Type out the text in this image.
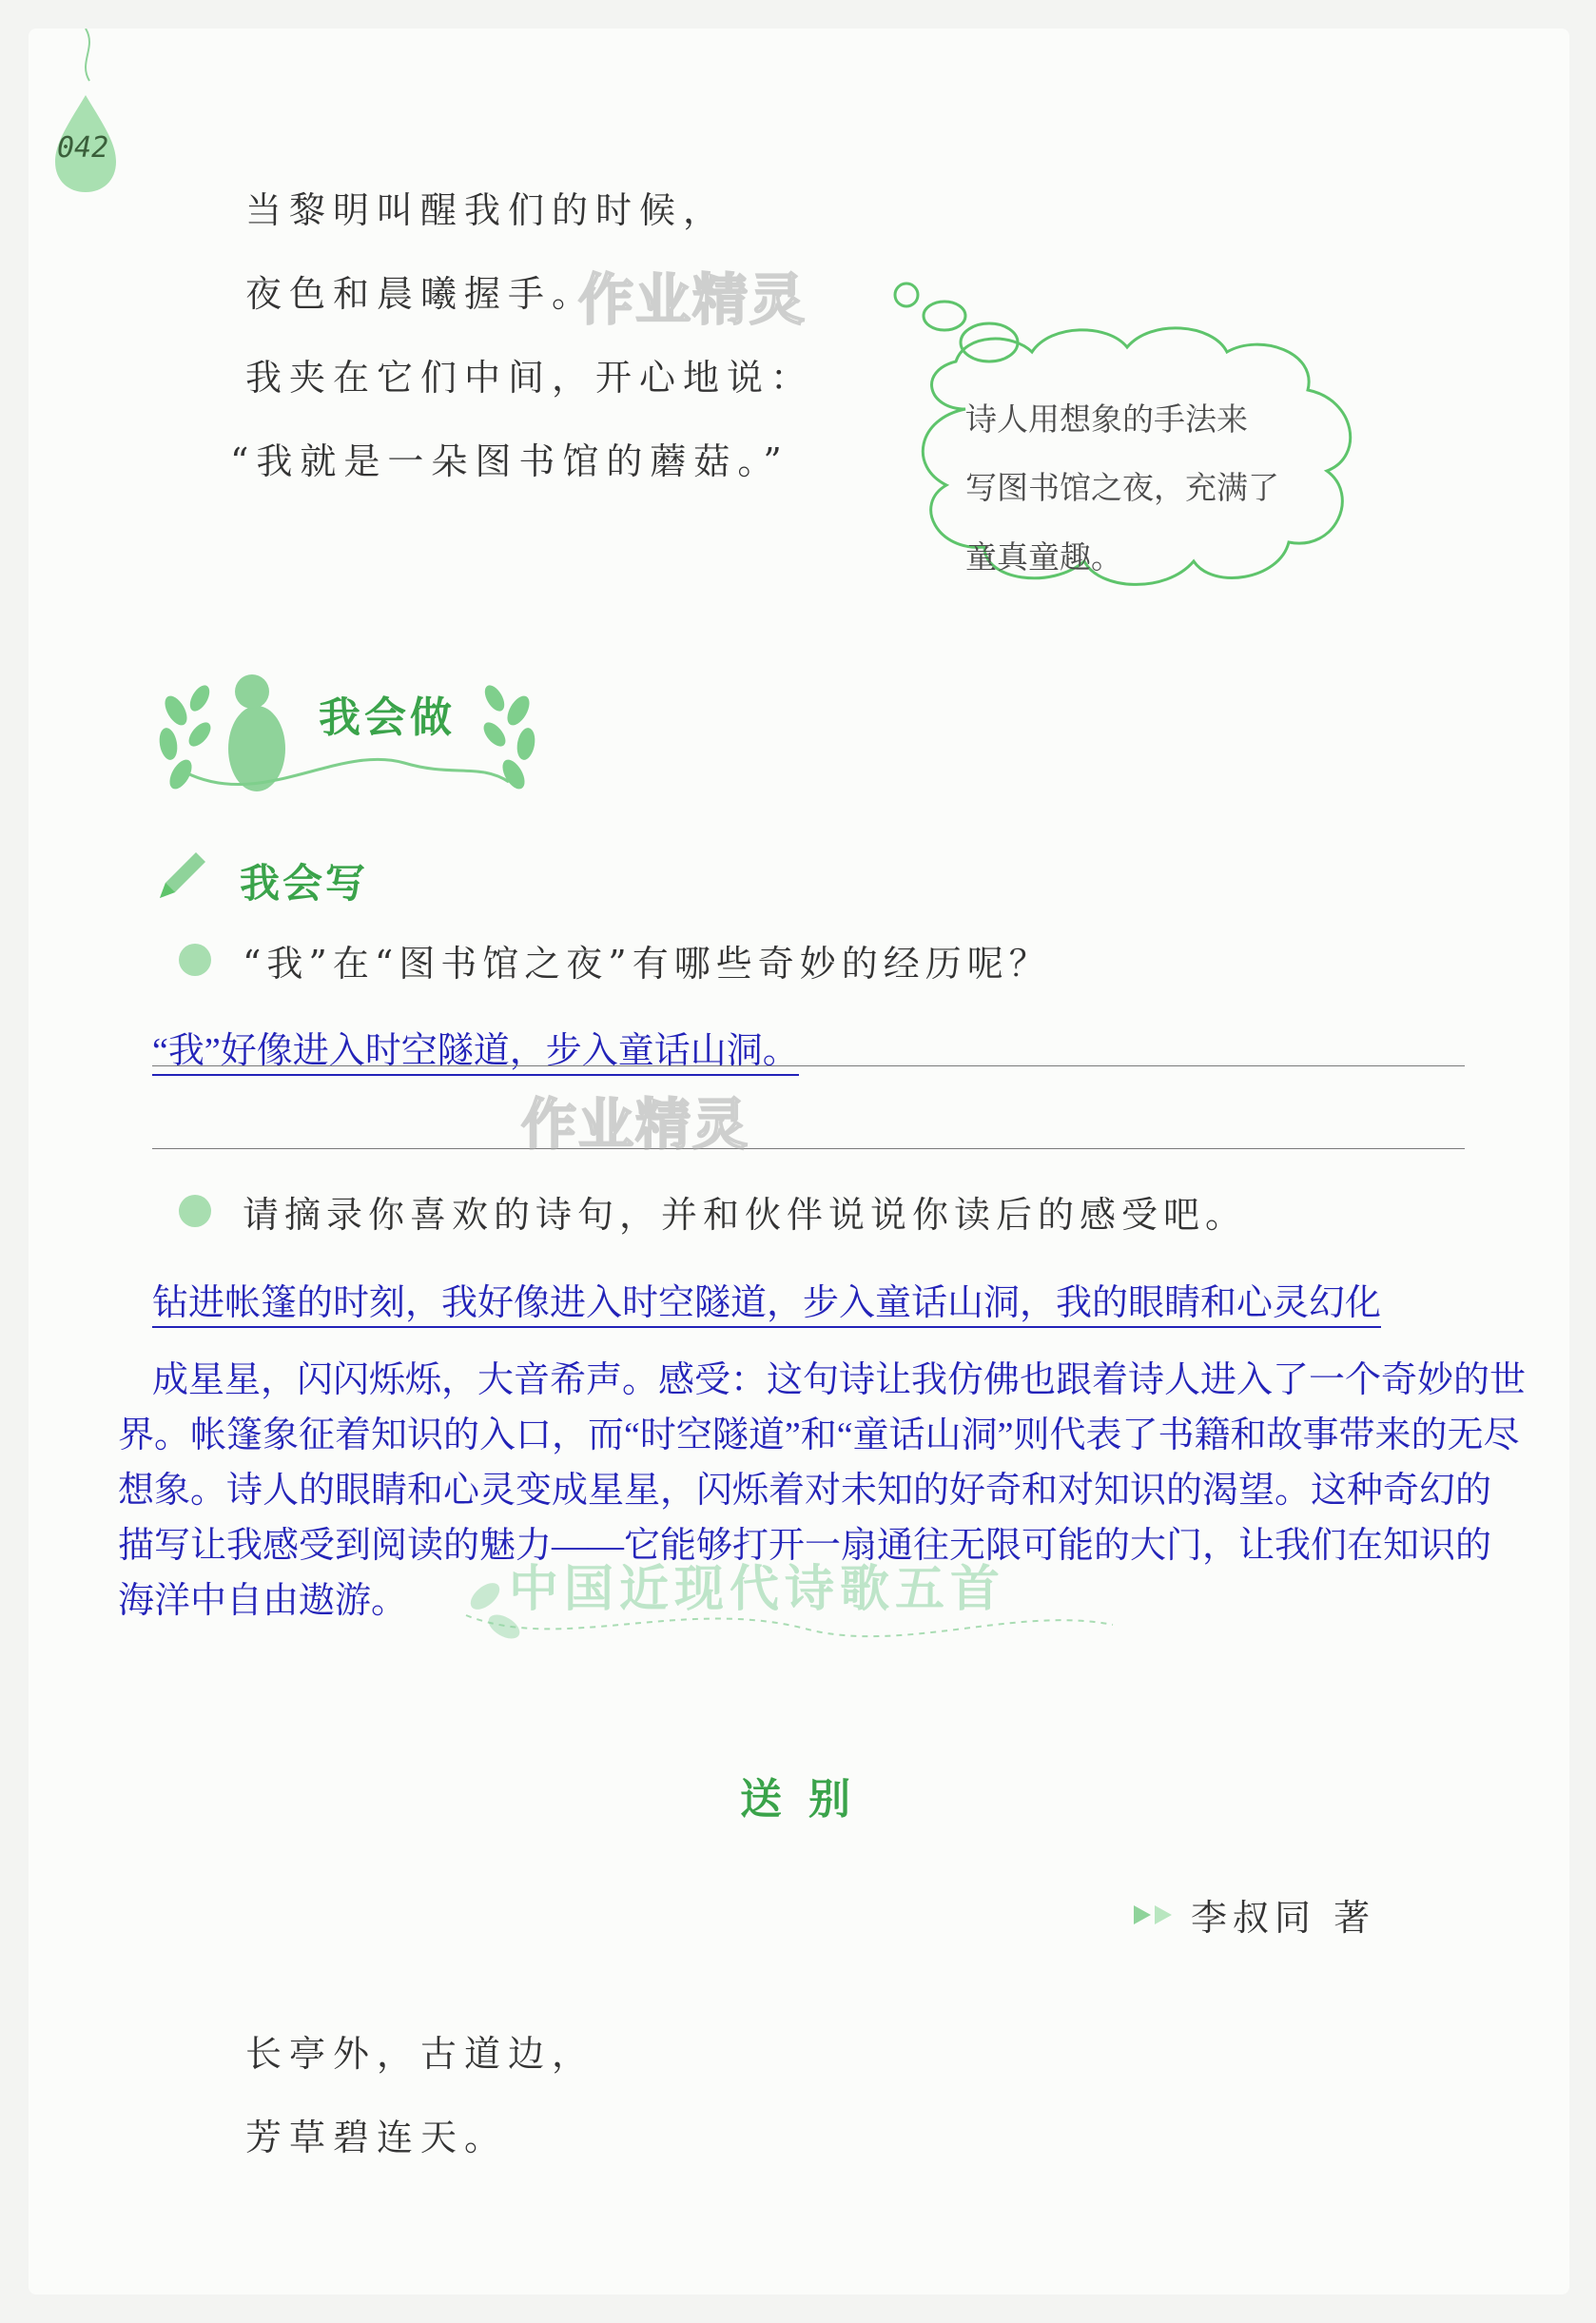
042
当黎明叫醒我们的时候，
夜色和晨曦握手。
我夹在它们中间，开心地说：
“我就是一朵图书馆的蘑菇。”
作业精灵
诗人用想象的手法来
写图书馆之夜，充满了
童真童趣。
我会做
我会写
“我”在“图书馆之夜”有哪些奇妙的经历呢？
“我”好像进入时空隧道，步入童话山洞。
作业精灵
请摘录你喜欢的诗句，并和伙伴说说你读后的感受吧。
钻进帐篷的时刻，我好像进入时空隧道，步入童话山洞，我的眼睛和心灵幻化
中国近现代诗歌五首
成星星，闪闪烁烁，大音希声。感受：这句诗让我仿佛也跟着诗人进入了一个奇妙的世界。帐篷象征着知识的入口，而“时空隧道”和“童话山洞”则代表了书籍和故事带来的无尽想象。诗人的眼睛和心灵变成星星，闪烁着对未知的好奇和对知识的渴望。这种奇幻的描写让我感受到阅读的魅力——它能够打开一扇通往无限可能的大门，让我们在知识的海洋中自由遨游。
送别
李叔同 著
长亭外，古道边，
芳草碧连天。
